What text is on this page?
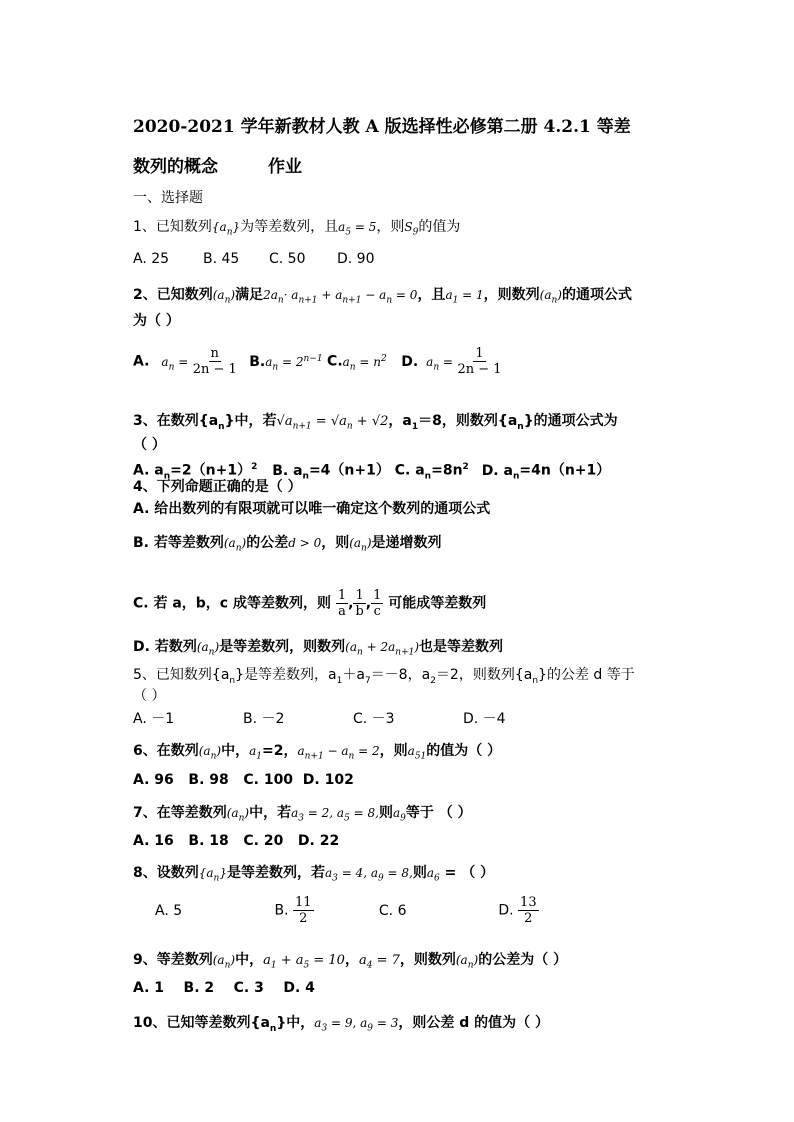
2020-2021 学年新教材人教 A 版选择性必修第二册 4.2.1 等差
数列的概念	作业
一、选择题
1、已知数列$\{a_n\}$为等差数列，且$a_5 = 5$，则$S_9$的值为
A. 25 B. 45 C. 50 D. 90
2、已知数列$(a_n)$满足$2a_n\cdot a_{n+1} + a_{n+1} - a_n = 0$，且$a_1 = 1$，则数列$(a_n)$的通项公式
为（ ）
A. $a_n = \frac{n}{2n - 1} B.a_n = 2^{n-1}$ $C.a_n = n^2$ D. $a_n = \frac{1}{2n - 1}$
3、在数列$\{a_n\}$中，若$√a_{n+1} = √a_n + √2$，$a_1=8$，则数列$\{a_n\}$的通项公式为
（ ）
A. $a_n=2(n+1)^2$ B. $a_n=4(n+1)$ C. $a_n=8n^2$ D. $a_n=4n(n+1)$
4、下列命题正确的是（ ）
A. 给出数列的有限项就可以唯一确定这个数列的通项公式
B. 若等差数列$(a_n)$的公差d > 0，则$(a_n)$是递增数列
C. 若 a，b，c 成等差数列，则 $\frac{1}{a}$ , $\frac{1}{b}$ , $\frac{1}{c}$ 可能成等差数列
D. 若数列$(a_n)$是等差数列，则数列$(a_n + 2a_{n+1})$也是等差数列
5、已知数列$\{a_n\}$是等差数列，$a_1+a_7=-8$，$a_2=2$，则数列$\{a_n\}$的公差 d 等于
（ ）
A. －1	B. －2	C. －3	D. －4
6、在数列$(a_n)$中，$a_1=2$，$a_{n+1} - a_n = 2$，则$a_{51}$的值为（ ）
A. 96   B. 98   C. 100  D. 102
7、在等差数列$(a_n)$中，若$a_3 = 2$, $a_5 = 8$,则$a_9$等于 （ ）
A. 16   B. 18   C. 20   D. 22
8、设数列$\{a_n\}$是等差数列，若$a_3 = 4$, $a_9 = 8$,则$a_6$ = （ ）
A. 5	B. $\frac{11}{2}$	C. 6	D. $\frac{13}{2}$
9、等差数列$(a_n)$中，$a_1 + a_5 = 10$，$a_4 = 7$，则数列$(a_n)$的公差为（ ）
A. 1    B. 2    C. 3    D. 4
10、已知等差数列$\{a_n\}$中，$a_3 = 9$, $a_9 = 3$，则公差 d 的值为（ ）
